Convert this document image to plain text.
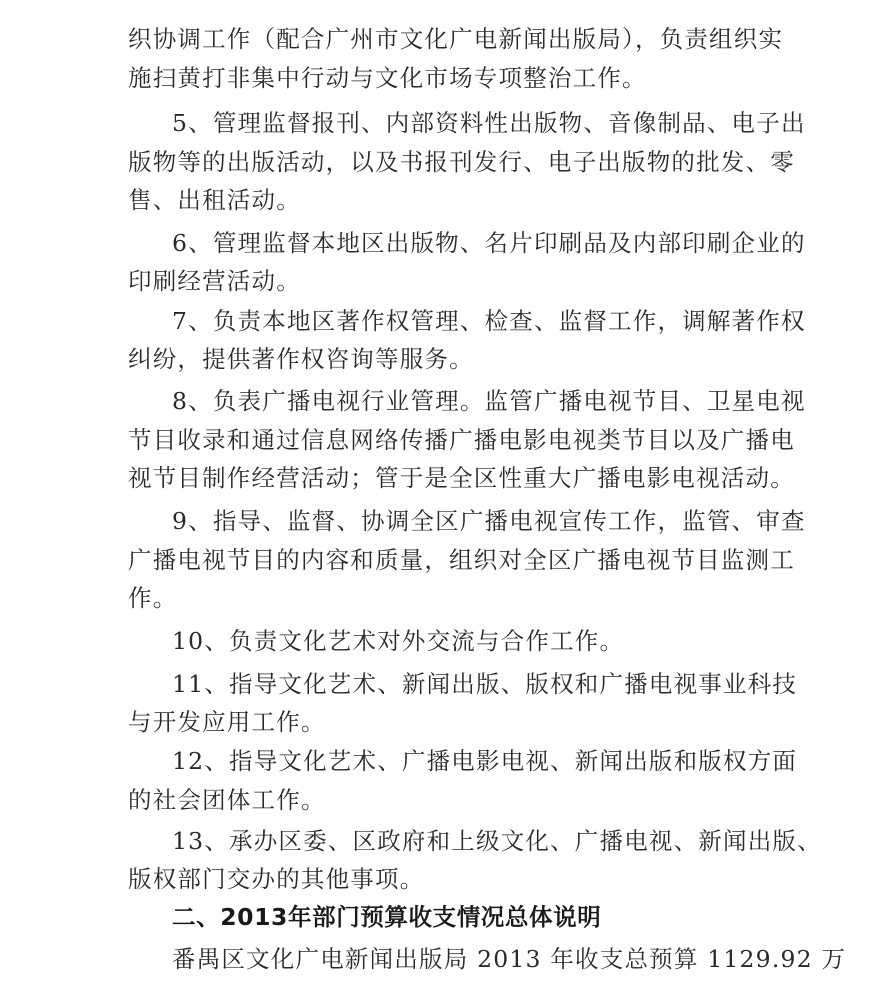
织协调工作（配合广州市文化广电新闻出版局），负责组织实
施扫黄打非集中行动与文化市场专项整治工作。
5、管理监督报刊、内部资料性出版物、音像制品、电子出
版物等的出版活动，以及书报刊发行、电子出版物的批发、零
售、出租活动。
6、管理监督本地区出版物、名片印刷品及内部印刷企业的
印刷经营活动。
7、负责本地区著作权管理、检查、监督工作，调解著作权
纠纷，提供著作权咨询等服务。
8、负表广播电视行业管理。监管广播电视节目、卫星电视
节目收录和通过信息网络传播广播电影电视类节目以及广播电
视节目制作经营活动；管于是全区性重大广播电影电视活动。
9、指导、监督、协调全区广播电视宣传工作，监管、审查
广播电视节目的内容和质量，组织对全区广播电视节目监测工
作。
10、负责文化艺术对外交流与合作工作。
11、指导文化艺术、新闻出版、版权和广播电视事业科技
与开发应用工作。
12、指导文化艺术、广播电影电视、新闻出版和版权方面
的社会团体工作。
13、承办区委、区政府和上级文化、广播电视、新闻出版、
版权部门交办的其他事项。
二、2013年部门预算收支情况总体说明
番禺区文化广电新闻出版局 2013 年收支总预算 1129.92 万
